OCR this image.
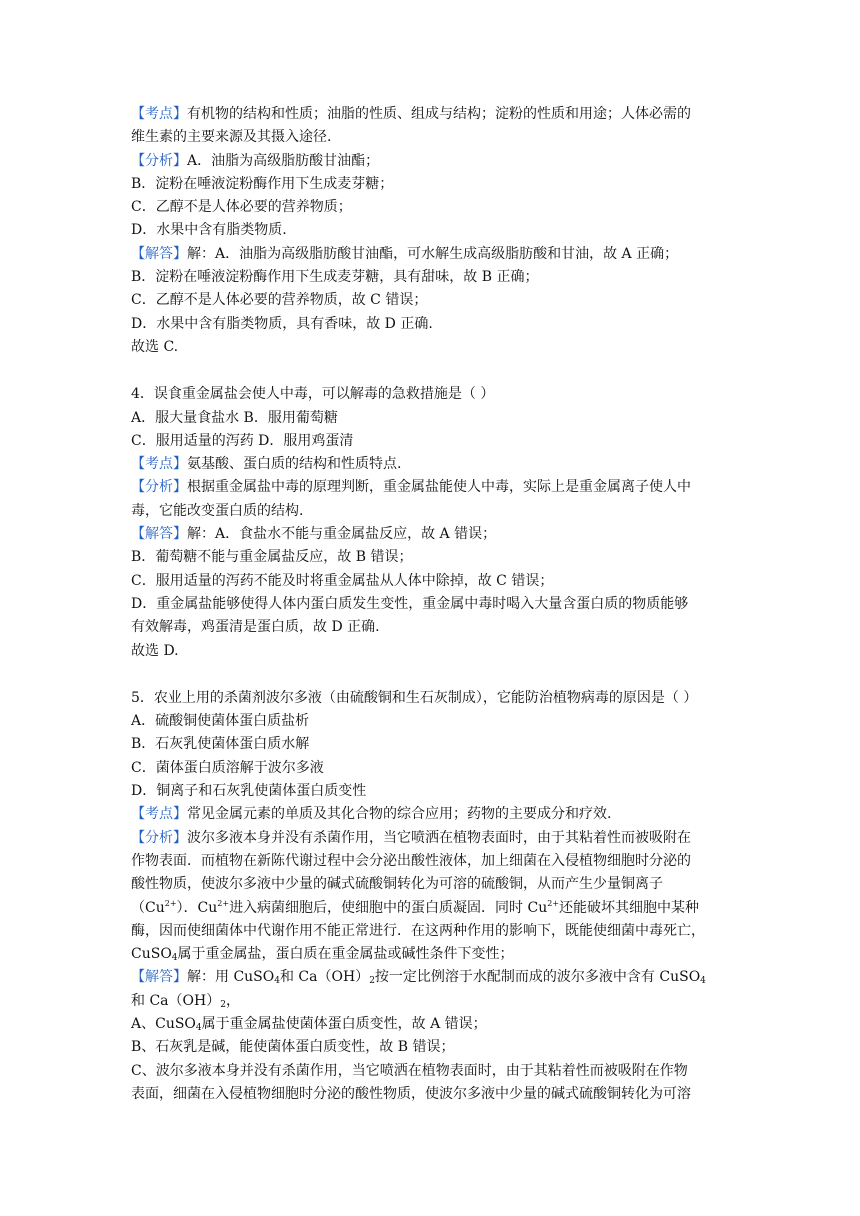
【考点】有机物的结构和性质；油脂的性质、组成与结构；淀粉的性质和用途；人体必需的
维生素的主要来源及其摄入途径.
【分析】A．油脂为高级脂肪酸甘油酯；
B．淀粉在唾液淀粉酶作用下生成麦芽糖；
C．乙醇不是人体必要的营养物质；
D．水果中含有脂类物质.
【解答】解：A．油脂为高级脂肪酸甘油酯，可水解生成高级脂肪酸和甘油，故 A 正确；
B．淀粉在唾液淀粉酶作用下生成麦芽糖，具有甜味，故 B 正确；
C．乙醇不是人体必要的营养物质，故 C 错误；
D．水果中含有脂类物质，具有香味，故 D 正确.
故选 C.
4．误食重金属盐会使人中毒，可以解毒的急救措施是（ ）
A．服大量食盐水 B．服用葡萄糖
C．服用适量的泻药 D．服用鸡蛋清
【考点】氨基酸、蛋白质的结构和性质特点.
【分析】根据重金属盐中毒的原理判断，重金属盐能使人中毒，实际上是重金属离子使人中
毒，它能改变蛋白质的结构.
【解答】解：A．食盐水不能与重金属盐反应，故 A 错误；
B．葡萄糖不能与重金属盐反应，故 B 错误；
C．服用适量的泻药不能及时将重金属盐从人体中除掉，故 C 错误；
D．重金属盐能够使得人体内蛋白质发生变性，重金属中毒时喝入大量含蛋白质的物质能够
有效解毒，鸡蛋清是蛋白质，故 D 正确.
故选 D.
5．农业上用的杀菌剂波尔多液（由硫酸铜和生石灰制成），它能防治植物病毒的原因是（ ）
A．硫酸铜使菌体蛋白质盐析
B．石灰乳使菌体蛋白质水解
C．菌体蛋白质溶解于波尔多液
D．铜离子和石灰乳使菌体蛋白质变性
【考点】常见金属元素的单质及其化合物的综合应用；药物的主要成分和疗效.
【分析】波尔多液本身并没有杀菌作用，当它喷洒在植物表面时，由于其粘着性而被吸附在
作物表面．而植物在新陈代谢过程中会分泌出酸性液体，加上细菌在入侵植物细胞时分泌的
酸性物质，使波尔多液中少量的碱式硫酸铜转化为可溶的硫酸铜，从而产生少量铜离子
$(Cu^{2+})$．$Cu^{2+}$进入病菌细胞后，使细胞中的蛋白质凝固．同时 $Cu^{2+}$还能破坏其细胞中某种
酶，因而使细菌体中代谢作用不能正常进行．在这两种作用的影响下，既能使细菌中毒死亡，
CuSO$_4$属于重金属盐，蛋白质在重金属盐或碱性条件下变性；
【解答】解：用 CuSO$_4$和 $Ca(OH)_2$按一定比例溶于水配制而成的波尔多液中含有 CuSO$_4$
和 $Ca(OH)_2$，
A、CuSO$_4$属于重金属盐使菌体蛋白质变性，故 A 错误；
B、石灰乳是碱，能使菌体蛋白质变性，故 B 错误；
C、波尔多液本身并没有杀菌作用，当它喷洒在植物表面时，由于其粘着性而被吸附在作物
表面，细菌在入侵植物细胞时分泌的酸性物质，使波尔多液中少量的碱式硫酸铜转化为可溶
